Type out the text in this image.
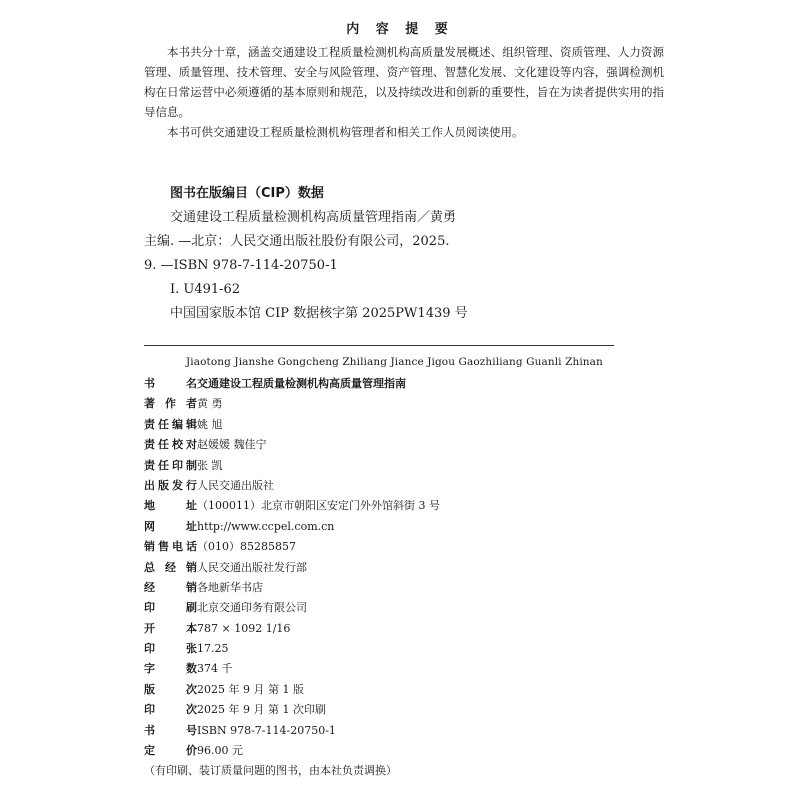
内 容 提 要

本书共分十章，涵盖交通建设工程质量检测机构高质量发展概述、组织管理、资质管理、人力资源管理、质量管理、技术管理、安全与风险管理、资产管理、智慧化发展、文化建设等内容，强调检测机构在日常运营中必须遵循的基本原则和规范，以及持续改进和创新的重要性，旨在为读者提供实用的指导信息。

本书可供交通建设工程质量检测机构管理者和相关工作人员阅读使用。

图书在版编目（CIP）数据
交通建设工程质量检测机构高质量管理指南／黄勇
主编. —北京：人民交通出版社股份有限公司，2025.
9. —ISBN 978-7-114-20750-1
Ⅰ. U491-62
中国国家版本馆 CIP 数据核字第 2025PW1439 号
Jiaotong Jianshe Gongcheng Zhiliang Jiance Jigou Gaozhiliang Guanli Zhinan
书 名 交通建设工程质量检测机构高质量管理指南
著 作 者 黄 勇
责任编辑 姚 旭
责任校对 赵媛媛 魏佳宁
责任印制 张 凯
出版发行 人民交通出版社
地 址 （100011）北京市朝阳区安定门外外馆斜街 3 号
网 址 http://www.ccpel.com.cn
销售电话 （010）85285857
总 经 销 人民交通出版社发行部
经 销 各地新华书店
印 刷 北京交通印务有限公司
开 本 787 × 1092 1/16
印 张 17.25
字 数 374 千
版 次 2025 年 9 月 第 1 版
印 次 2025 年 9 月 第 1 次印刷
书 号 ISBN 978-7-114-20750-1
定 价 96.00 元
（有印刷、装订质量问题的图书，由本社负责调换）
